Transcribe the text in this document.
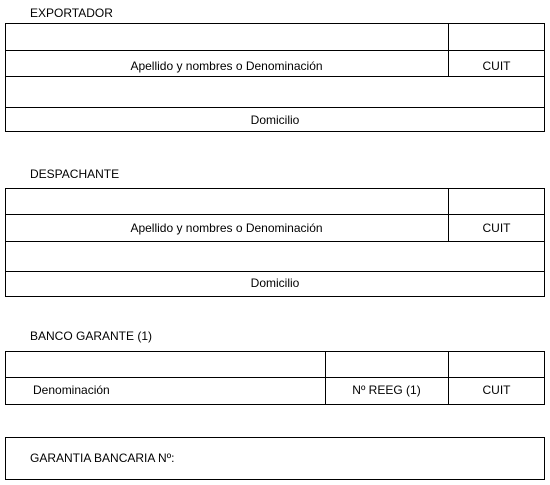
EXPORTADOR
Apellido y nombres o Denominación	CUIT
Domicilio
DESPACHANTE
Apellido y nombres o Denominación	CUIT
Domicilio
BANCO GARANTE (1)
Denominación	Nº REEG (1)	CUIT
GARANTIA BANCARIA Nº:
